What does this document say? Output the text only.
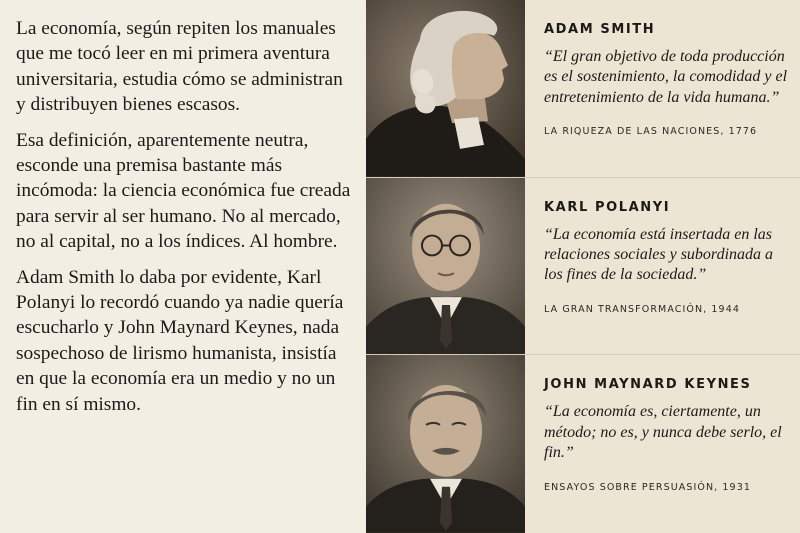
La economía, según repiten los manuales que me tocó leer en mi primera aventura universitaria, estudia cómo se administran y distribuyen bienes escasos.

Esa definición, aparentemente neutra, esconde una premisa bastante más incómoda: la ciencia económica fue creada para servir al ser humano. No al mercado, no al capital, no a los índices. Al hombre.

Adam Smith lo daba por evidente, Karl Polanyi lo recordó cuando ya nadie quería escucharlo y John Maynard Keynes, nada sospechoso de lirismo humanista, insistía en que la economía era un medio y no un fin en sí mismo.

ADAM SMITH
“El gran objetivo de toda producción es el sostenimiento, la comodidad y el entretenimiento de la vida humana.”
LA RIQUEZA DE LAS NACIONES, 1776
KARL POLANYI
“La economía está insertada en las relaciones sociales y subordinada a los fines de la sociedad.”
LA GRAN TRANSFORMACIÓN, 1944
JOHN MAYNARD KEYNES
“La economía es, ciertamente, un método; no es, y nunca debe serlo, el fin.”
ENSAYOS SOBRE PERSUASIÓN, 1931
